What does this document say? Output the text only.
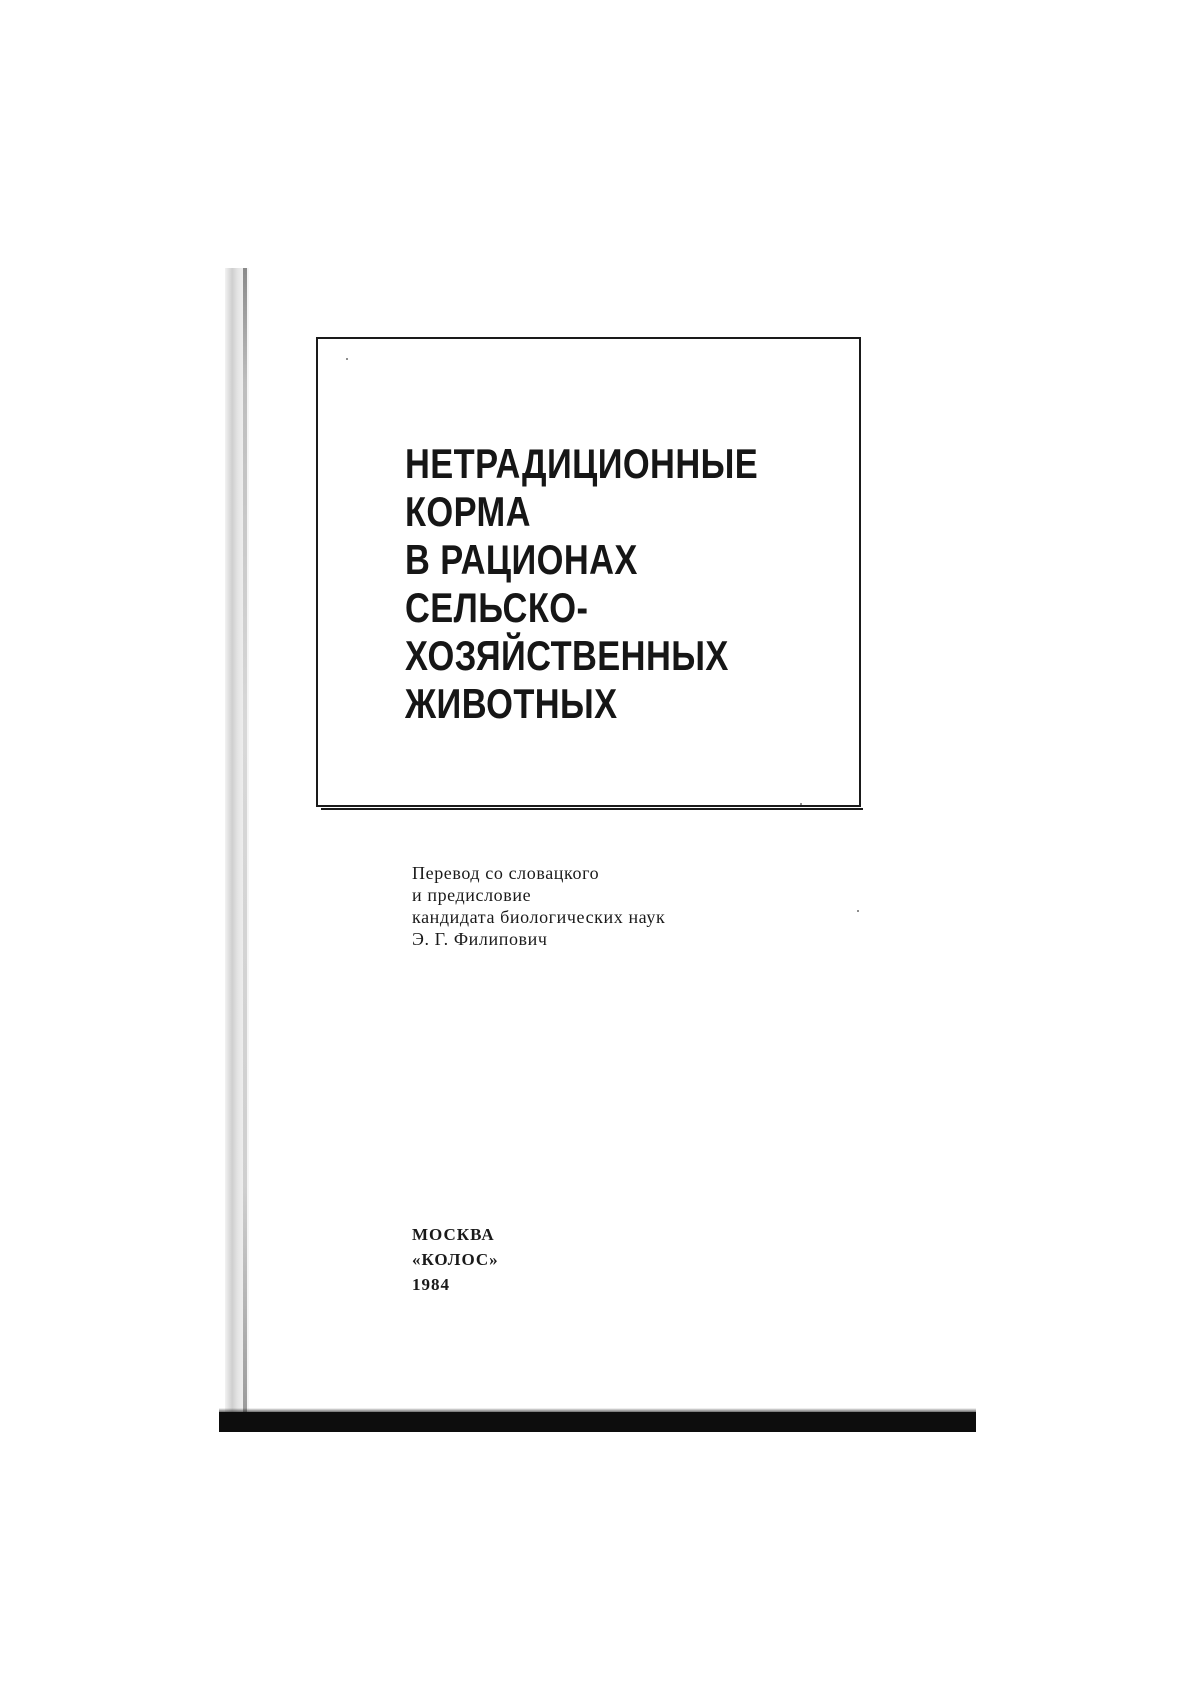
НЕТРАДИЦИОННЫЕ
КОРМА
В РАЦИОНАХ
СЕЛЬСКО-
ХОЗЯЙСТВЕННЫХ
ЖИВОТНЫХ
Перевод со словацкого
и предисловие
кандидата биологических наук
Э. Г. Филипович
МОСКВА
«КОЛОС»
1984
